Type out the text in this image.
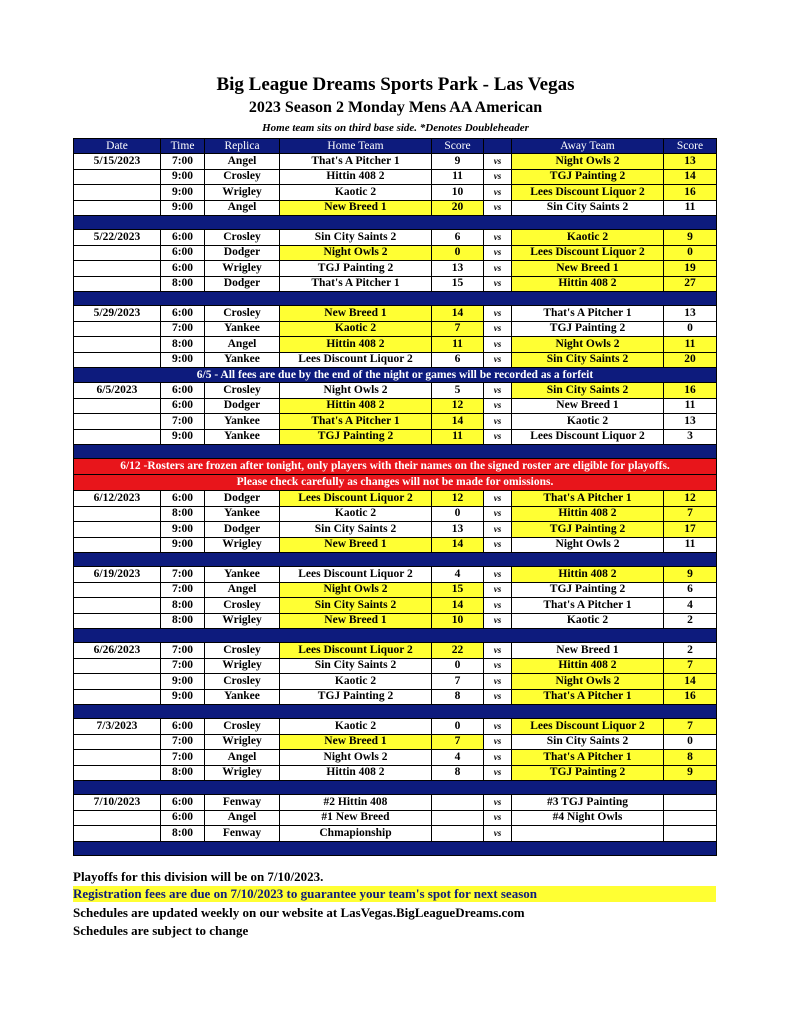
Big League Dreams Sports Park - Las Vegas
2023 Season 2 Monday Mens AA American
Home team sits on third base side. *Denotes Doubleheader
Date	Time	Replica	Home Team	Score		Away Team	Score
5/15/2023	7:00	Angel	That's A Pitcher 1	9	vs	Night Owls 2	13
	9:00	Crosley	Hittin 408 2	11	vs	TGJ Painting 2	14
	9:00	Wrigley	Kaotic 2	10	vs	Lees Discount Liquor 2	16
	9:00	Angel	New Breed 1	20	vs	Sin City Saints 2	11

5/22/2023	6:00	Crosley	Sin City Saints 2	6	vs	Kaotic 2	9
	6:00	Dodger	Night Owls 2	0	vs	Lees Discount Liquor 2	0
	6:00	Wrigley	TGJ Painting 2	13	vs	New Breed 1	19
	8:00	Dodger	That's A Pitcher 1	15	vs	Hittin 408 2	27

5/29/2023	6:00	Crosley	New Breed 1	14	vs	That's A Pitcher 1	13
	7:00	Yankee	Kaotic 2	7	vs	TGJ Painting 2	0
	8:00	Angel	Hittin 408 2	11	vs	Night Owls 2	11
	9:00	Yankee	Lees Discount Liquor 2	6	vs	Sin City Saints 2	20
6/5 - All fees are due by the end of the night or games will be recorded as a forfeit							
6/5/2023	6:00	Crosley	Night Owls 2	5	vs	Sin City Saints 2	16
	6:00	Dodger	Hittin 408 2	12	vs	New Breed 1	11
	7:00	Yankee	That's A Pitcher 1	14	vs	Kaotic 2	13
	9:00	Yankee	TGJ Painting 2	11	vs	Lees Discount Liquor 2	3

6/12 -Rosters are frozen after tonight, only players with their names on the signed roster are eligible for playoffs.							
Please check carefully as changes will not be made for omissions.							
6/12/2023	6:00	Dodger	Lees Discount Liquor 2	12	vs	That's A Pitcher 1	12
	8:00	Yankee	Kaotic 2	0	vs	Hittin 408 2	7
	9:00	Dodger	Sin City Saints 2	13	vs	TGJ Painting 2	17
	9:00	Wrigley	New Breed 1	14	vs	Night Owls 2	11

6/19/2023	7:00	Yankee	Lees Discount Liquor 2	4	vs	Hittin 408 2	9
	7:00	Angel	Night Owls 2	15	vs	TGJ Painting 2	6
	8:00	Crosley	Sin City Saints 2	14	vs	That's A Pitcher 1	4
	8:00	Wrigley	New Breed 1	10	vs	Kaotic 2	2

6/26/2023	7:00	Crosley	Lees Discount Liquor 2	22	vs	New Breed 1	2
	7:00	Wrigley	Sin City Saints 2	0	vs	Hittin 408 2	7
	9:00	Crosley	Kaotic 2	7	vs	Night Owls 2	14
	9:00	Yankee	TGJ Painting 2	8	vs	That's A Pitcher 1	16

7/3/2023	6:00	Crosley	Kaotic 2	0	vs	Lees Discount Liquor 2	7
	7:00	Wrigley	New Breed 1	7	vs	Sin City Saints 2	0
	7:00	Angel	Night Owls 2	4	vs	That's A Pitcher 1	8
	8:00	Wrigley	Hittin 408 2	8	vs	TGJ Painting 2	9

7/10/2023	6:00	Fenway	#2 Hittin 408		vs	#3 TGJ Painting	
	6:00	Angel	#1 New Breed		vs	#4 Night Owls	
	8:00	Fenway	Chmapionship		vs		

Playoffs for this division will be on 7/10/2023.
Registration fees are due on 7/10/2023 to guarantee your team's spot for next season
Schedules are updated weekly on our website at LasVegas.BigLeagueDreams.com
Schedules are subject to change
